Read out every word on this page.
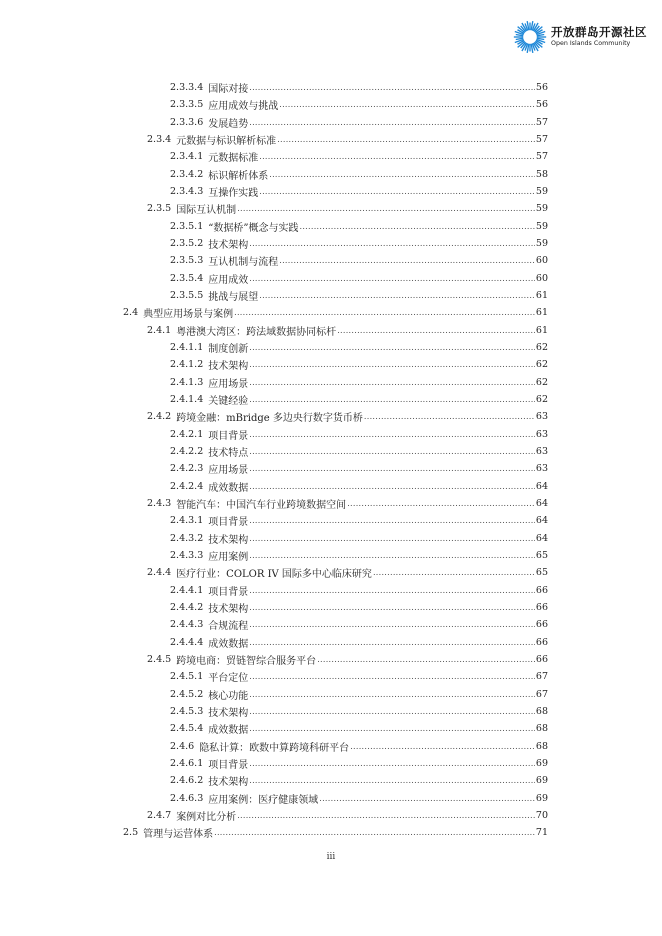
开放群岛开源社区
Open Islands Community
2.3.3.4 国际对接 .....	56
2.3.3.5 应用成效与挑战 .....	56
2.3.3.6 发展趋势 .....	57
2.3.4 元数据与标识解析标准 .....	57
2.3.4.1 元数据标准 .....	57
2.3.4.2 标识解析体系 .....	58
2.3.4.3 互操作实践 .....	59
2.3.5 国际互认机制 .....	59
2.3.5.1 “数据桥”概念与实践 .....	59
2.3.5.2 技术架构 .....	59
2.3.5.3 互认机制与流程 .....	60
2.3.5.4 应用成效 .....	60
2.3.5.5 挑战与展望 .....	61
2.4 典型应用场景与案例 .....	61
2.4.1 粤港澳大湾区：跨法域数据协同标杆 .....	61
2.4.1.1 制度创新 .....	62
2.4.1.2 技术架构 .....	62
2.4.1.3 应用场景 .....	62
2.4.1.4 关键经验 .....	62
2.4.2 跨境金融：mBridge 多边央行数字货币桥 .....	63
2.4.2.1 项目背景 .....	63
2.4.2.2 技术特点 .....	63
2.4.2.3 应用场景 .....	63
2.4.2.4 成效数据 .....	64
2.4.3 智能汽车：中国汽车行业跨境数据空间 .....	64
2.4.3.1 项目背景 .....	64
2.4.3.2 技术架构 .....	64
2.4.3.3 应用案例 .....	65
2.4.4 医疗行业：COLOR IV 国际多中心临床研究 .....	65
2.4.4.1 项目背景 .....	66
2.4.4.2 技术架构 .....	66
2.4.4.3 合规流程 .....	66
2.4.4.4 成效数据 .....	66
2.4.5 跨境电商：贸链智综合服务平台 .....	66
2.4.5.1 平台定位 .....	67
2.4.5.2 核心功能 .....	67
2.4.5.3 技术架构 .....	68
2.4.5.4 成效数据 .....	68
2.4.6 隐私计算：欧数中算跨境科研平台 .....	68
2.4.6.1 项目背景 .....	69
2.4.6.2 技术架构 .....	69
2.4.6.3 应用案例：医疗健康领域 .....	69
2.4.7 案例对比分析 .....	70
2.5 管理与运营体系 .....	71
iii
